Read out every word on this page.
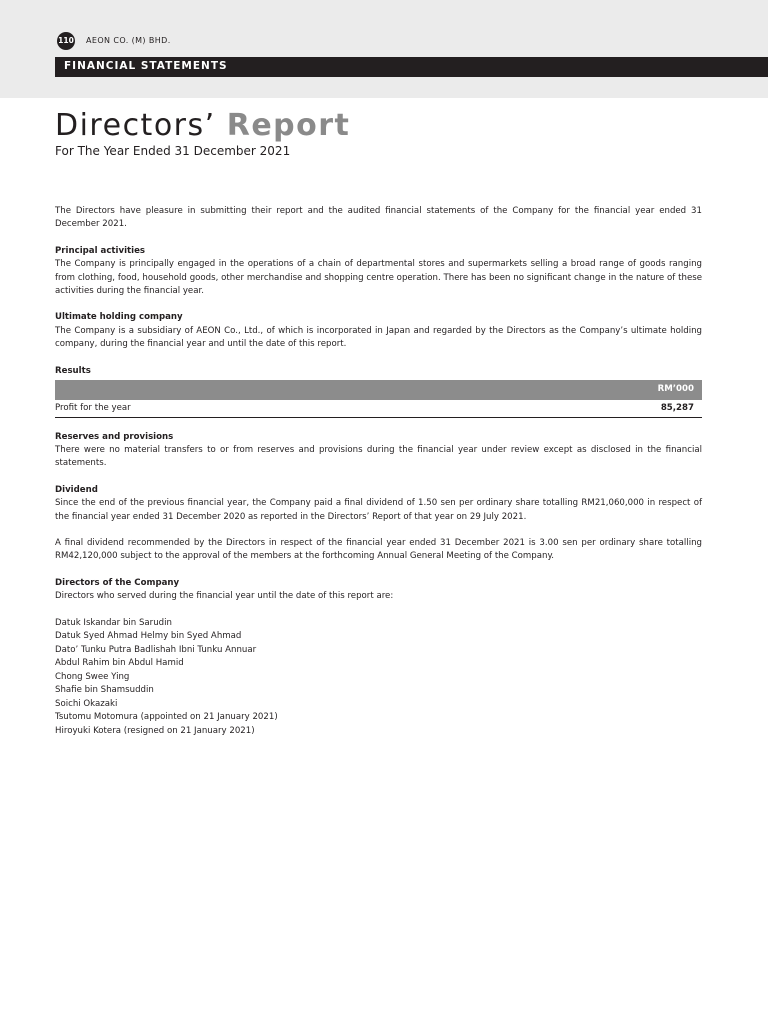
110 AEON CO. (M) BHD.
FINANCIAL STATEMENTS
Directors’ Report
For The Year Ended 31 December 2021

The Directors have pleasure in submitting their report and the audited financial statements of the Company for the financial year ended 31 December 2021.

Principal activities

The Company is principally engaged in the operations of a chain of departmental stores and supermarkets selling a broad range of goods ranging from clothing, food, household goods, other merchandise and shopping centre operation. There has been no significant change in the nature of these activities during the financial year.

Ultimate holding company

The Company is a subsidiary of AEON Co., Ltd., of which is incorporated in Japan and regarded by the Directors as the Company’s ultimate holding company, during the financial year and until the date of this report.

Results
RM’000
Profit for the year	85,287
Reserves and provisions

There were no material transfers to or from reserves and provisions during the financial year under review except as disclosed in the financial statements.

Dividend

Since the end of the previous financial year, the Company paid a final dividend of 1.50 sen per ordinary share totalling RM21,060,000 in respect of the financial year ended 31 December 2020 as reported in the Directors’ Report of that year on 29 July 2021.

A final dividend recommended by the Directors in respect of the financial year ended 31 December 2021 is 3.00 sen per ordinary share totalling RM42,120,000 subject to the approval of the members at the forthcoming Annual General Meeting of the Company.

Directors of the Company

Directors who served during the financial year until the date of this report are:

Datuk Iskandar bin Sarudin
Datuk Syed Ahmad Helmy bin Syed Ahmad
Dato’ Tunku Putra Badlishah Ibni Tunku Annuar
Abdul Rahim bin Abdul Hamid
Chong Swee Ying
Shafie bin Shamsuddin
Soichi Okazaki
Tsutomu Motomura (appointed on 21 January 2021)
Hiroyuki Kotera (resigned on 21 January 2021)
